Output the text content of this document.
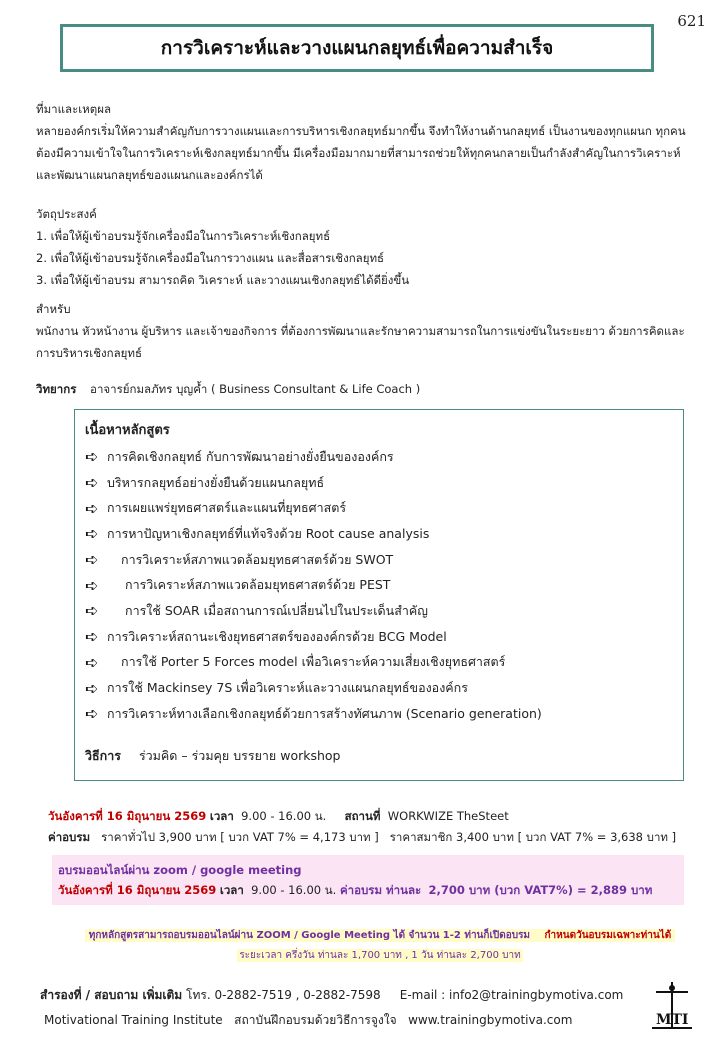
621
การวิเคราะห์และวางแผนกลยุทธ์เพื่อความสำเร็จ
ที่มาและเหตุผล
หลายองค์กรเริ่มให้ความสำคัญกับการวางแผนและการบริหารเชิงกลยุทธ์มากขึ้น จึงทำให้งานด้านกลยุทธ์ เป็นงานของทุกแผนก ทุกคนต้องมีความเข้าใจในการวิเคราะห์เชิงกลยุทธ์มากขึ้น มีเครื่องมือมากมายที่สามารถช่วยให้ทุกคนกลายเป็นกำลังสำคัญในการวิเคราะห์ และพัฒนาแผนกลยุทธ์ของแผนกและองค์กรได้
วัตถุประสงค์
1. เพื่อให้ผู้เข้าอบรมรู้จักเครื่องมือในการวิเคราะห์เชิงกลยุทธ์
2. เพื่อให้ผู้เข้าอบรมรู้จักเครื่องมือในการวางแผน และสื่อสารเชิงกลยุทธ์
3. เพื่อให้ผู้เข้าอบรม สามารถคิด วิเคราะห์ และวางแผนเชิงกลยุทธ์ได้ดียิ่งขึ้น
สำหรับ
พนักงาน หัวหน้างาน ผู้บริหาร และเจ้าของกิจการ ที่ต้องการพัฒนาและรักษาความสามารถในการแข่งขันในระยะยาว ด้วยการคิดและการบริหารเชิงกลยุทธ์
วิทยากร อาจารย์กมลภัทร บุญค้ำ ( Business Consultant & Life Coach )
เนื้อหาหลักสูตร
➪ การคิดเชิงกลยุทธ์ กับการพัฒนาอย่างยั่งยืนขององค์กร
➪ บริหารกลยุทธ์อย่างยั่งยืนด้วยแผนกลยุทธ์
➪ การเผยแพร่ยุทธศาสตร์และแผนที่ยุทธศาสตร์
➪ การหาปัญหาเชิงกลยุทธ์ที่แท้จริงด้วย Root cause analysis
➪	การวิเคราะห์สภาพแวดล้อมยุทธศาสตร์ด้วย SWOT
➪	การวิเคราะห์สภาพแวดล้อมยุทธศาสตร์ด้วย PEST
➪	การใช้ SOAR เมื่อสถานการณ์เปลี่ยนไปในประเด็นสำคัญ
➪ การวิเคราะห์สถานะเชิงยุทธศาสตร์ขององค์กรด้วย BCG Model
➪	การใช้ Porter 5 Forces model เพื่อวิเคราะห์ความเสี่ยงเชิงยุทธศาสตร์
➪ การใช้ Mackinsey 7S เพื่อวิเคราะห์และวางแผนกลยุทธ์ขององค์กร
➪ การวิเคราะห์ทางเลือกเชิงกลยุทธ์ด้วยการสร้างทัศนภาพ (Scenario generation)
วิธีการ ร่วมคิด – ร่วมคุย บรรยาย workshop
วันอังคารที่ 16 มิถุนายน 2569 เวลา 9.00 - 16.00 น. สถานที่ WORKWIZE TheSteet
ค่าอบรม ราคาทั่วไป 3,900 บาท [ บวก VAT 7% = 4,173 บาท ] ราคาสมาชิก 3,400 บาท [ บวก VAT 7% = 3,638 บาท ]
อบรมออนไลน์ผ่าน zoom / google meeting
วันอังคารที่ 16 มิถุนายน 2569 เวลา 9.00 - 16.00 น. ค่าอบรม ท่านละ 2,700 บาท (บวก VAT7%) = 2,889 บาท
ทุกหลักสูตรสามารถอบรมออนไลน์ผ่าน ZOOM / Google Meeting ได้ จำนวน 1-2 ท่านก็เปิดอบรม กำหนดวันอบรมเฉพาะท่านได้
ระยะเวลา ครึ่งวัน ท่านละ 1,700 บาท , 1 วัน ท่านละ 2,700 บาท
สำรองที่ / สอบถาม เพิ่มเติม โทร. 0-2882-7519 , 0-2882-7598 E-mail : info2@trainingbymotiva.com
Motivational Training Institute สถาบันฝึกอบรมด้วยวิธีการจูงใจ www.trainingbymotiva.com	MTI
